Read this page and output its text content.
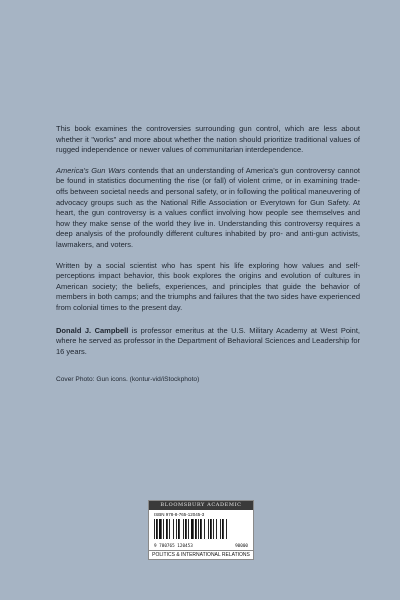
This book examines the controversies surrounding gun control, which are less about whether it "works" and more about whether the nation should prioritize traditional values of rugged independence or newer values of communitarian interdependence.

America's Gun Wars contends that an understanding of America's gun controversy cannot be found in statistics documenting the rise (or fall) of violent crime, or in examining trade-offs between societal needs and personal safety, or in following the political maneuvering of advocacy groups such as the National Rifle Association or Everytown for Gun Safety. At heart, the gun controversy is a values conflict involving how people see themselves and how they make sense of the world they live in. Understanding this controversy requires a deep analysis of the profoundly different cultures inhabited by pro- and anti-gun activists, lawmakers, and voters.

Written by a social scientist who has spent his life exploring how values and self-perceptions impact behavior, this book explores the origins and evolution of cultures in American society; the beliefs, experiences, and principles that guide the behavior of members in both camps; and the triumphs and failures that the two sides have experienced from colonial times to the present day.

Donald J. Campbell is professor emeritus at the U.S. Military Academy at West Point, where he served as professor in the Department of Behavioral Sciences and Leadership for 16 years.

Cover Photo: Gun icons. (kontur-vid/iStockphoto)

BLOOMSBURY ACADEMIC
ISBN 978-8-765-12045-3
9 780765 120453	90000
POLITICS & INTERNATIONAL RELATIONS
